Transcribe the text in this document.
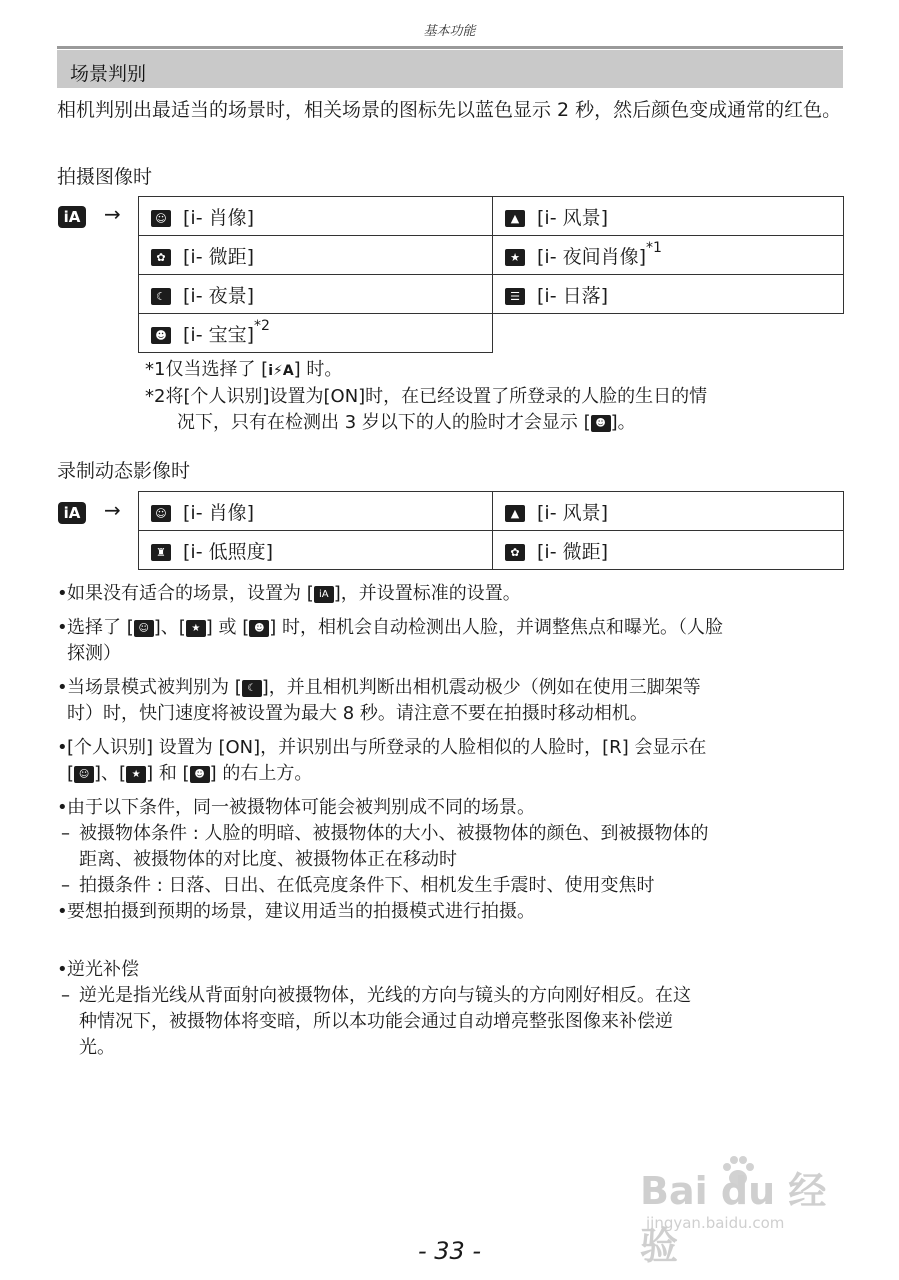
基本功能
场景判别
相机判别出最适当的场景时，相关场景的图标先以蓝色显示 2 秒，然后颜色变成通常的红色。
拍摄图像时
iA →	☺ [i- 肖像]	▲ [i- 风景]
✿ [i- 微距]	★ [i- 夜间肖像]$^{*1}$
☾ [i- 夜景]	☰ [i- 日落]
☻ [i- 宝宝]$^{*2}$	
*1仅当选择了 [i⚡A] 时。
*2将[个人识别]设置为[ON]时，在已经设置了所登录的人脸的生日的情
况下，只有在检测出 3 岁以下的人的脸时才会显示 [ ☻ ]。
录制动态影像时
iA →	☺ [i- 肖像]	▲ [i- 风景]
♜ [i- 低照度]	✿ [i- 微距]
• 如果没有适合的场景，设置为 [ iA ]，并设置标准的设置。
• 选择了 [ ☺ ]、[ ★ ] 或 [ ☻ ] 时，相机会自动检测出人脸，并调整焦点和曝光。（人脸
探测）
• 当场景模式被判别为 [ ☾ ]，并且相机判断出相机震动极少（例如在使用三脚架等
时）时，快门速度将被设置为最大 8 秒。请注意不要在拍摄时移动相机。
• [个人识别] 设置为 [ON]，并识别出与所登录的人脸相似的人脸时，[R] 会显示在
[ ☺ ]、[ ★ ] 和 [ ☻ ] 的右上方。
• 由于以下条件，同一被摄物体可能会被判别成不同的场景。
– 被摄物体条件 : 人脸的明暗、被摄物体的大小、被摄物体的颜色、到被摄物体的
距离、被摄物体的对比度、被摄物体正在移动时
– 拍摄条件 : 日落、日出、在低亮度条件下、相机发生手震时、使用变焦时
• 要想拍摄到预期的场景，建议用适当的拍摄模式进行拍摄。
• 逆光补偿
– 逆光是指光线从背面射向被摄物体，光线的方向与镜头的方向刚好相反。在这
种情况下，被摄物体将变暗，所以本功能会通过自动增亮整张图像来补偿逆
光。
Bai du 经验
jingyan.baidu.com
- 33 -
